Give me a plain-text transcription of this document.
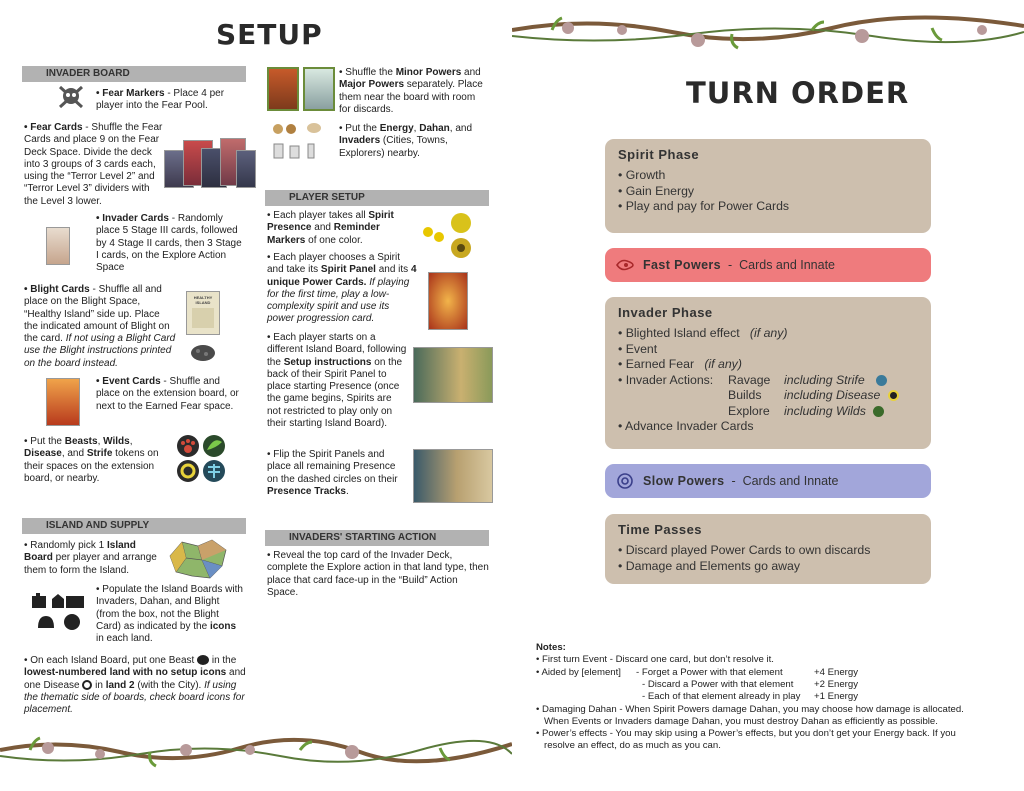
SETUP
INVADER BOARD
• Fear Markers - Place 4 per player into the Fear Pool.
• Fear Cards - Shuffle the Fear Cards and place 9 on the Fear Deck Space. Divide the deck into 3 groups of 3 cards each, using the “Terror Level 2” and “Terror Level 3” dividers with the Level 3 lower.
• Invader Cards - Randomly place 5 Stage III cards, followed by 4 Stage II cards, then 3 Stage I cards, on the Explore Action Space
• Blight Cards - Shuffle all and place on the Blight Space, “Healthy Island” side up. Place the indicated amount of Blight on the card. If not using a Blight Card use the Blight instructions printed on the board instead.
HEALTHY ISLAND
• Event Cards - Shuffle and place on the extension board, or next to the Earned Fear space.
• Put the Beasts, Wilds, Disease, and Strife tokens on their spaces on the extension board, or nearby.
ISLAND AND SUPPLY
• Randomly pick 1 Island Board per player and arrange them to form the Island.
• Populate the Island Boards with Invaders, Dahan, and Blight (from the box, not the Blight Card) as indicated by the icons in each land.
• On each Island Board, put one Beast  in the lowest-numbered land with no setup icons and one Disease  in land 2 (with the City). If using the thematic side of boards, check board icons for placement.
• Shuffle the Minor Powers and Major Powers separately. Place them near the board with room for discards.
• Put the Energy, Dahan, and Invaders (Cities, Towns, Explorers) nearby.
PLAYER SETUP
• Each player takes all Spirit Presence and Reminder Markers of one color.
• Each player chooses a Spirit and take its Spirit Panel and its 4 unique Power Cards. If playing for the first time, play a low-complexity spirit and use its power progression card.
• Each player starts on a different Island Board, following the Setup instructions on the back of their Spirit Panel to place starting Presence (once the game begins, Spirits are not restricted to play only on their starting Island Board).
• Flip the Spirit Panels and place all remaining Presence on the dashed circles on their Presence Tracks.
INVADERS' STARTING ACTION
• Reveal the top card of the Invader Deck, complete the Explore action in that land type, then place that card face-up in the “Build” Action Space.
TURN ORDER
Spirit Phase
• Growth
• Gain Energy
• Play and pay for Power Cards
Fast Powers  -  Cards and Innate
Invader Phase
• Blighted Island effect (if any)
• Event
• Earned Fear (if any)
• Invader Actions: Ravage including Strife
Builds including Disease
Explore including Wilds
• Advance Invader Cards
Slow Powers  -  Cards and Innate
Time Passes
• Discard played Power Cards to own discards
• Damage and Elements go away
Notes:
• First turn Event - Discard one card, but don’t resolve it.
• Aided by [element] - Forget a Power with that element	+4 Energy
- Discard a Power with that element +2 Energy
- Each of that element already in play +1 Energy
• Damaging Dahan - When Spirit Powers damage Dahan, you may choose how damage is allocated.
When Events or Invaders damage Dahan, you must destroy Dahan as efficiently as possible.
• Power’s effects - You may skip using a Power’s effects, but you don’t get your Energy back. If you
resolve an effect, do as much as you can.
